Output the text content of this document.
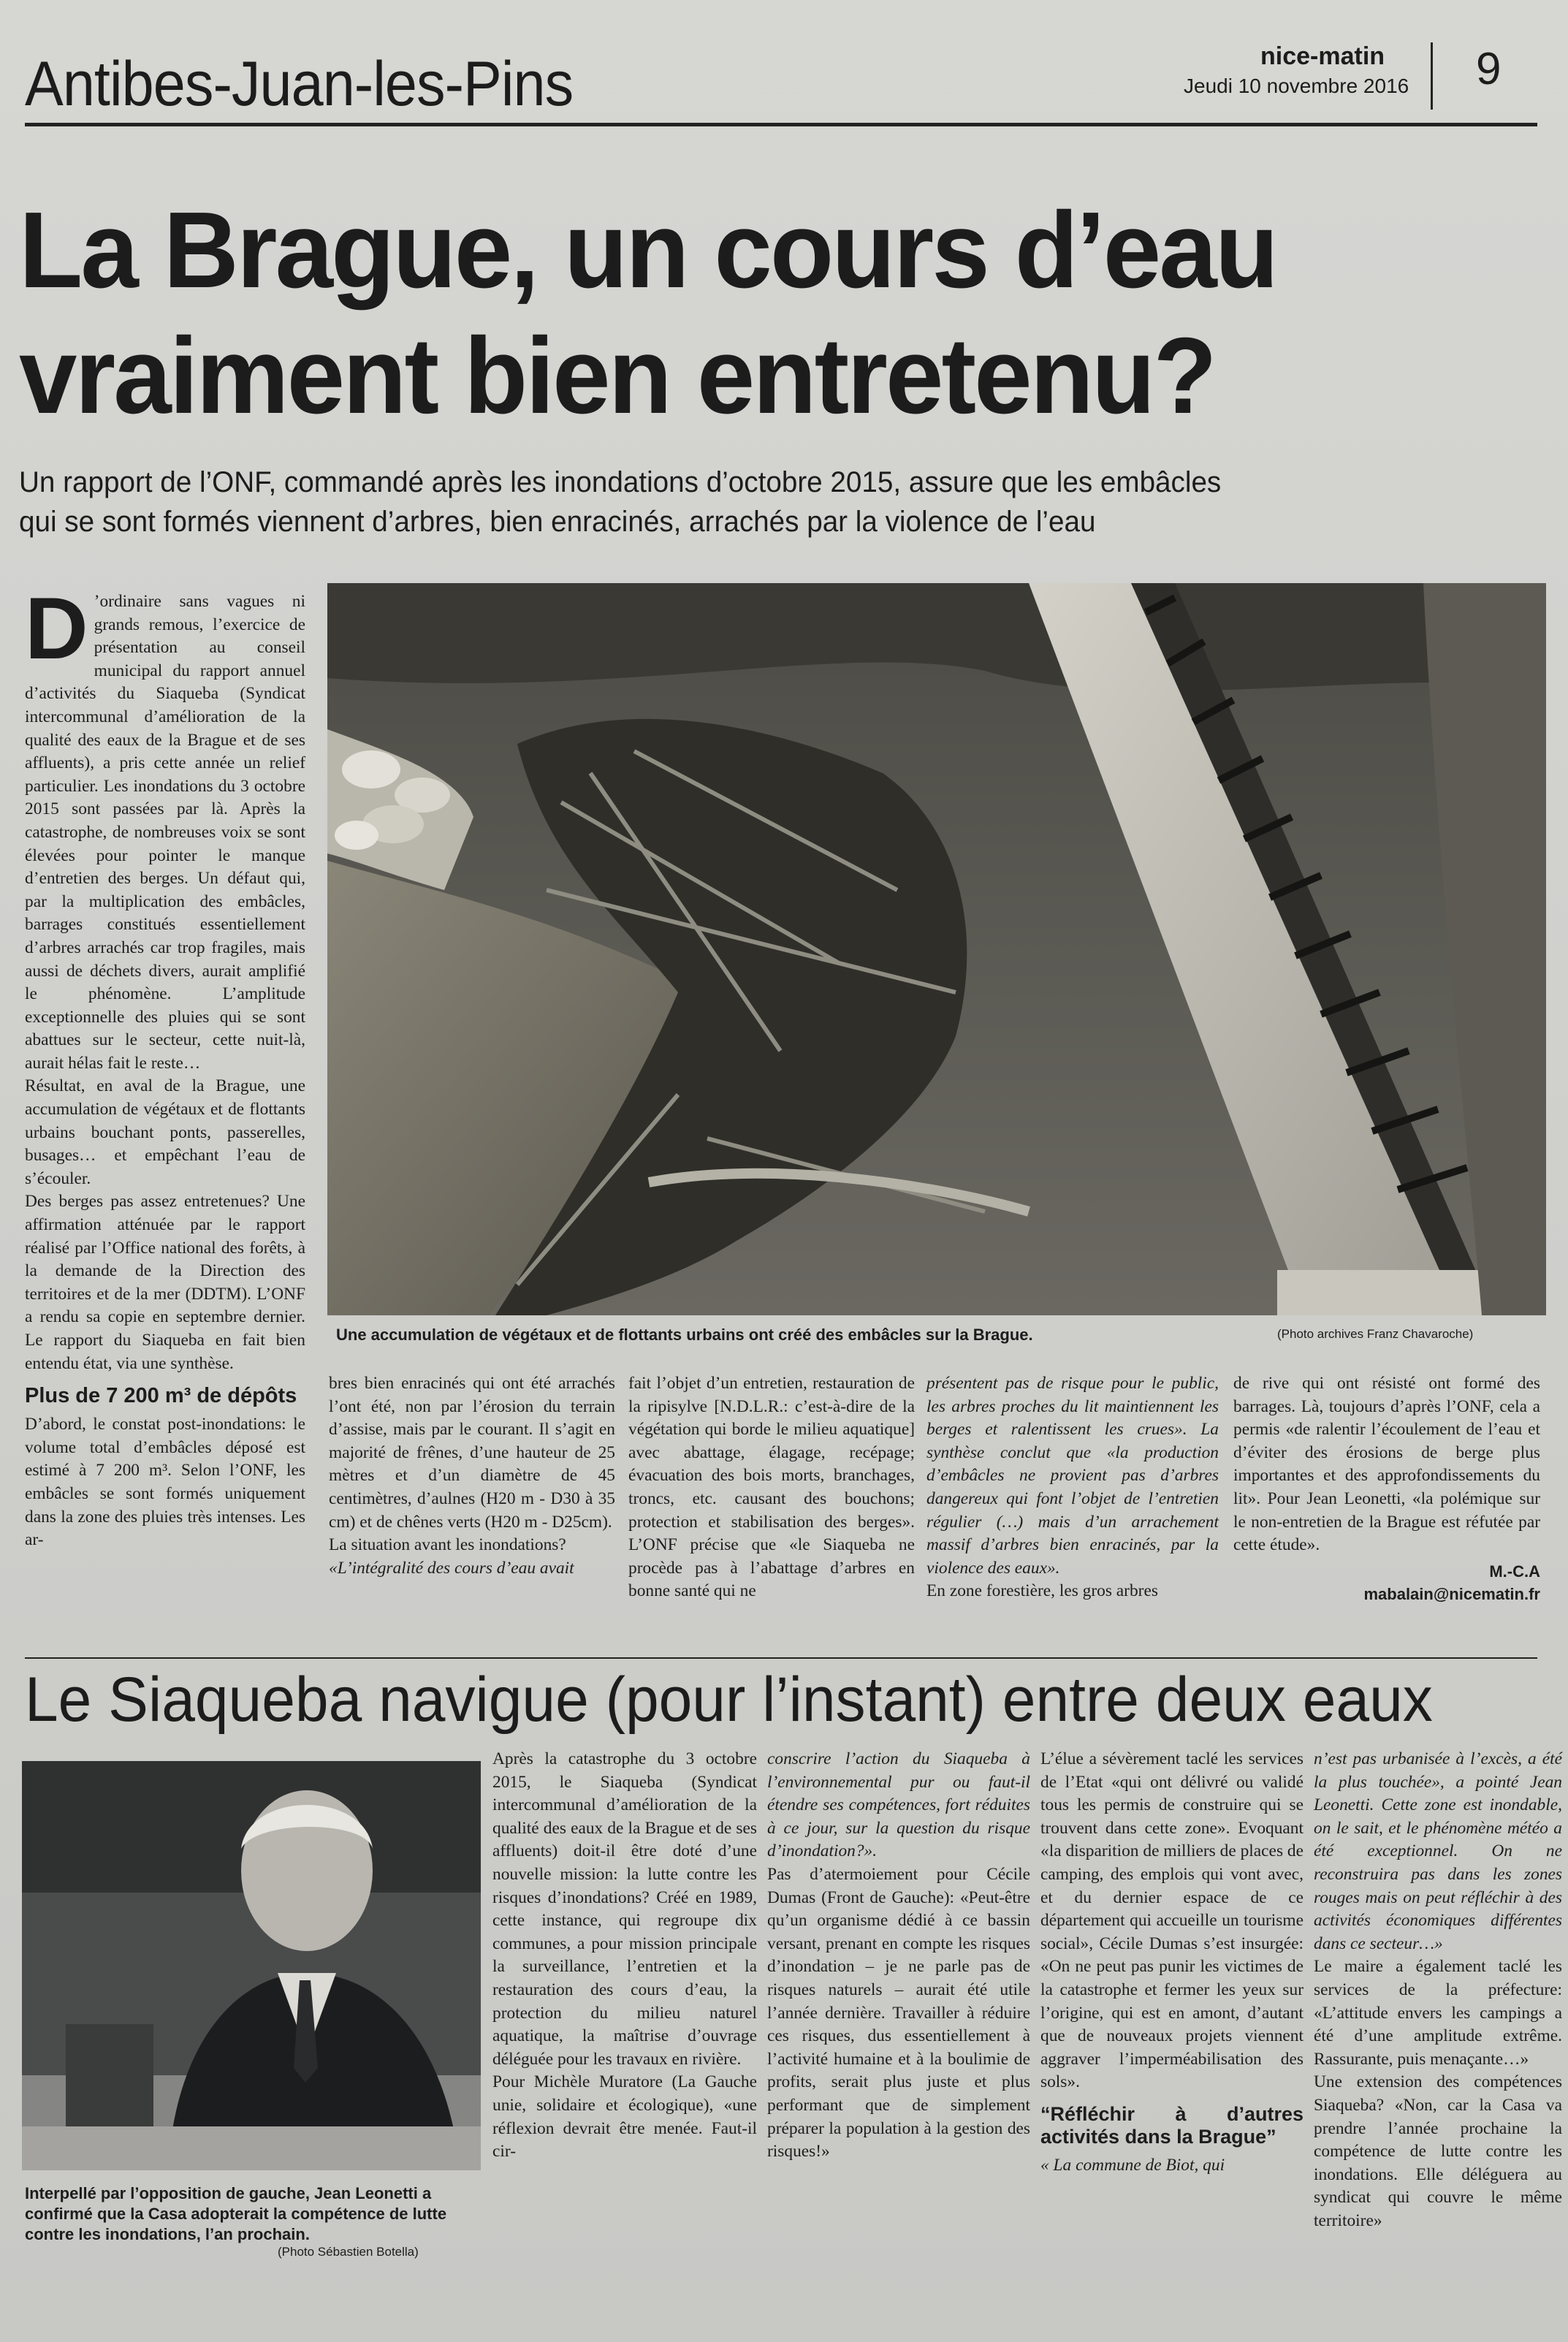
Antibes-Juan-les-Pins	nice-matin
Jeudi 10 novembre 2016 9
La Brague, un cours d’eau
vraiment bien entretenu?
Un rapport de l’ONF, commandé après les inondations d’octobre 2015, assure que les embâcles
qui se sont formés viennent d’arbres, bien enracinés, arrachés par la violence de l’eau
D ’ordinaire sans vagues ni grands remous, l’exercice de présentation au conseil municipal du rapport annuel d’activités du Siaqueba (Syndicat intercommunal d’amélioration de la qualité des eaux de la Brague et de ses affluents), a pris cette année un relief particulier. Les inondations du 3 octobre 2015 sont passées par là. Après la catastrophe, de nombreuses voix se sont élevées pour pointer le manque d’entretien des berges. Un défaut qui, par la multiplication des embâcles, barrages constitués essentiellement d’arbres arrachés car trop fragiles, mais aussi de déchets divers, aurait amplifié le phénomène. L’amplitude exceptionnelle des pluies qui se sont abattues sur le secteur, cette nuit-là, aurait hélas fait le reste…

Résultat, en aval de la Brague, une accumulation de végétaux et de flottants urbains bouchant ponts, passerelles, busages… et empêchant l’eau de s’écouler.

Des berges pas assez entretenues? Une affirmation atténuée par le rapport réalisé par l’Office national des forêts, à la demande de la Direction des territoires et de la mer (DDTM). L’ONF a rendu sa copie en septembre dernier. Le rapport du Siaqueba en fait bien entendu état, via une synthèse.

Plus de 7 200 m³ de dépôts

D’abord, le constat post-inondations: le volume total d’embâcles déposé est estimé à 7 200 m³. Selon l’ONF, les embâcles se sont formés uniquement dans la zone des pluies très intenses. Les ar-

Une accumulation de végétaux et de flottants urbains ont créé des embâcles sur la Brague.	(Photo archives Franz Chavaroche)

bres bien enracinés qui ont été arrachés l’ont été, non par l’érosion du terrain d’assise, mais par le courant. Il s’agit en majorité de frênes, d’une hauteur de 25 mètres et d’un diamètre de 45 centimètres, d’aulnes (H20 m - D30 à 35 cm) et de chênes verts (H20 m - D25cm).

La situation avant les inondations?

«L’intégralité des cours d’eau avait

fait l’objet d’un entretien, restauration de la ripisylve [N.D.L.R.: c’est-à-dire de la végétation qui borde le milieu aquatique] avec abattage, élagage, recépage; évacuation des bois morts, branchages, troncs, etc. causant des bouchons; protection et stabilisation des berges». L’ONF précise que «le Siaqueba ne procède pas à l’abattage d’arbres en bonne santé qui ne

présentent pas de risque pour le public, les arbres proches du lit maintiennent les berges et ralentissent les crues». La synthèse conclut que «la production d’embâcles ne provient pas d’arbres dangereux qui font l’objet de l’entretien régulier (…) mais d’un arrachement massif d’arbres bien enracinés, par la violence des eaux».

En zone forestière, les gros arbres

de rive qui ont résisté ont formé des barrages. Là, toujours d’après l’ONF, cela a permis «de ralentir l’écoulement de l’eau et d’éviter des érosions de berge plus importantes et des approfondissements du lit». Pour Jean Leonetti, «la polémique sur le non-entretien de la Brague est réfutée par cette étude».

M.-C.A
mabalain@nicematin.fr
Le Siaqueba navigue (pour l’instant) entre deux eaux
Interpellé par l’opposition de gauche, Jean Leonetti a confirmé que la Casa adopterait la compétence de lutte contre les inondations, l’an prochain.
(Photo Sébastien Botella)

Après la catastrophe du 3 octobre 2015, le Siaqueba (Syndicat intercommunal d’amélioration de la qualité des eaux de la Brague et de ses affluents) doit-il être doté d’une nouvelle mission: la lutte contre les risques d’inondations? Créé en 1989, cette instance, qui regroupe dix communes, a pour mission principale la surveillance, l’entretien et la restauration des cours d’eau, la protection du milieu naturel aquatique, la maîtrise d’ouvrage déléguée pour les travaux en rivière.

Pour Michèle Muratore (La Gauche unie, solidaire et écologique), «une réflexion devrait être menée. Faut-il cir-

conscrire l’action du Siaqueba à l’environnemental pur ou faut-il étendre ses compétences, fort réduites à ce jour, sur la question du risque d’inondation?».

Pas d’atermoiement pour Cécile Dumas (Front de Gauche): «Peut-être qu’un organisme dédié à ce bassin versant, prenant en compte les risques d’inondation – je ne parle pas de risques naturels – aurait été utile l’année dernière. Travailler à réduire ces risques, dus essentiellement à l’activité humaine et à la boulimie de profits, serait plus juste et plus performant que de simplement préparer la population à la gestion des risques!»

L’élue a sévèrement taclé les services de l’Etat «qui ont délivré ou validé tous les permis de construire qui se trouvent dans cette zone». Evoquant «la disparition de milliers de places de camping, des emplois qui vont avec, et du dernier espace de ce département qui accueille un tourisme social», Cécile Dumas s’est insurgée: «On ne peut pas punir les victimes de la catastrophe et fermer les yeux sur l’origine, qui est en amont, d’autant que de nouveaux projets viennent aggraver l’imperméabilisation des sols».

“Réfléchir à d’autres activités dans la Brague”

« La commune de Biot, qui

n’est pas urbanisée à l’excès, a été la plus touchée», a pointé Jean Leonetti. Cette zone est inondable, on le sait, et le phénomène météo a été exceptionnel. On ne reconstruira pas dans les zones rouges mais on peut réfléchir à des activités économiques différentes dans ce secteur…»

Le maire a également taclé les services de la préfecture: «L’attitude envers les campings a été d’une amplitude extrême. Rassurante, puis menaçante…»

Une extension des compétences Siaqueba? «Non, car la Casa va prendre l’année prochaine la compétence de lutte contre les inondations. Elle déléguera au syndicat qui couvre le même territoire»
